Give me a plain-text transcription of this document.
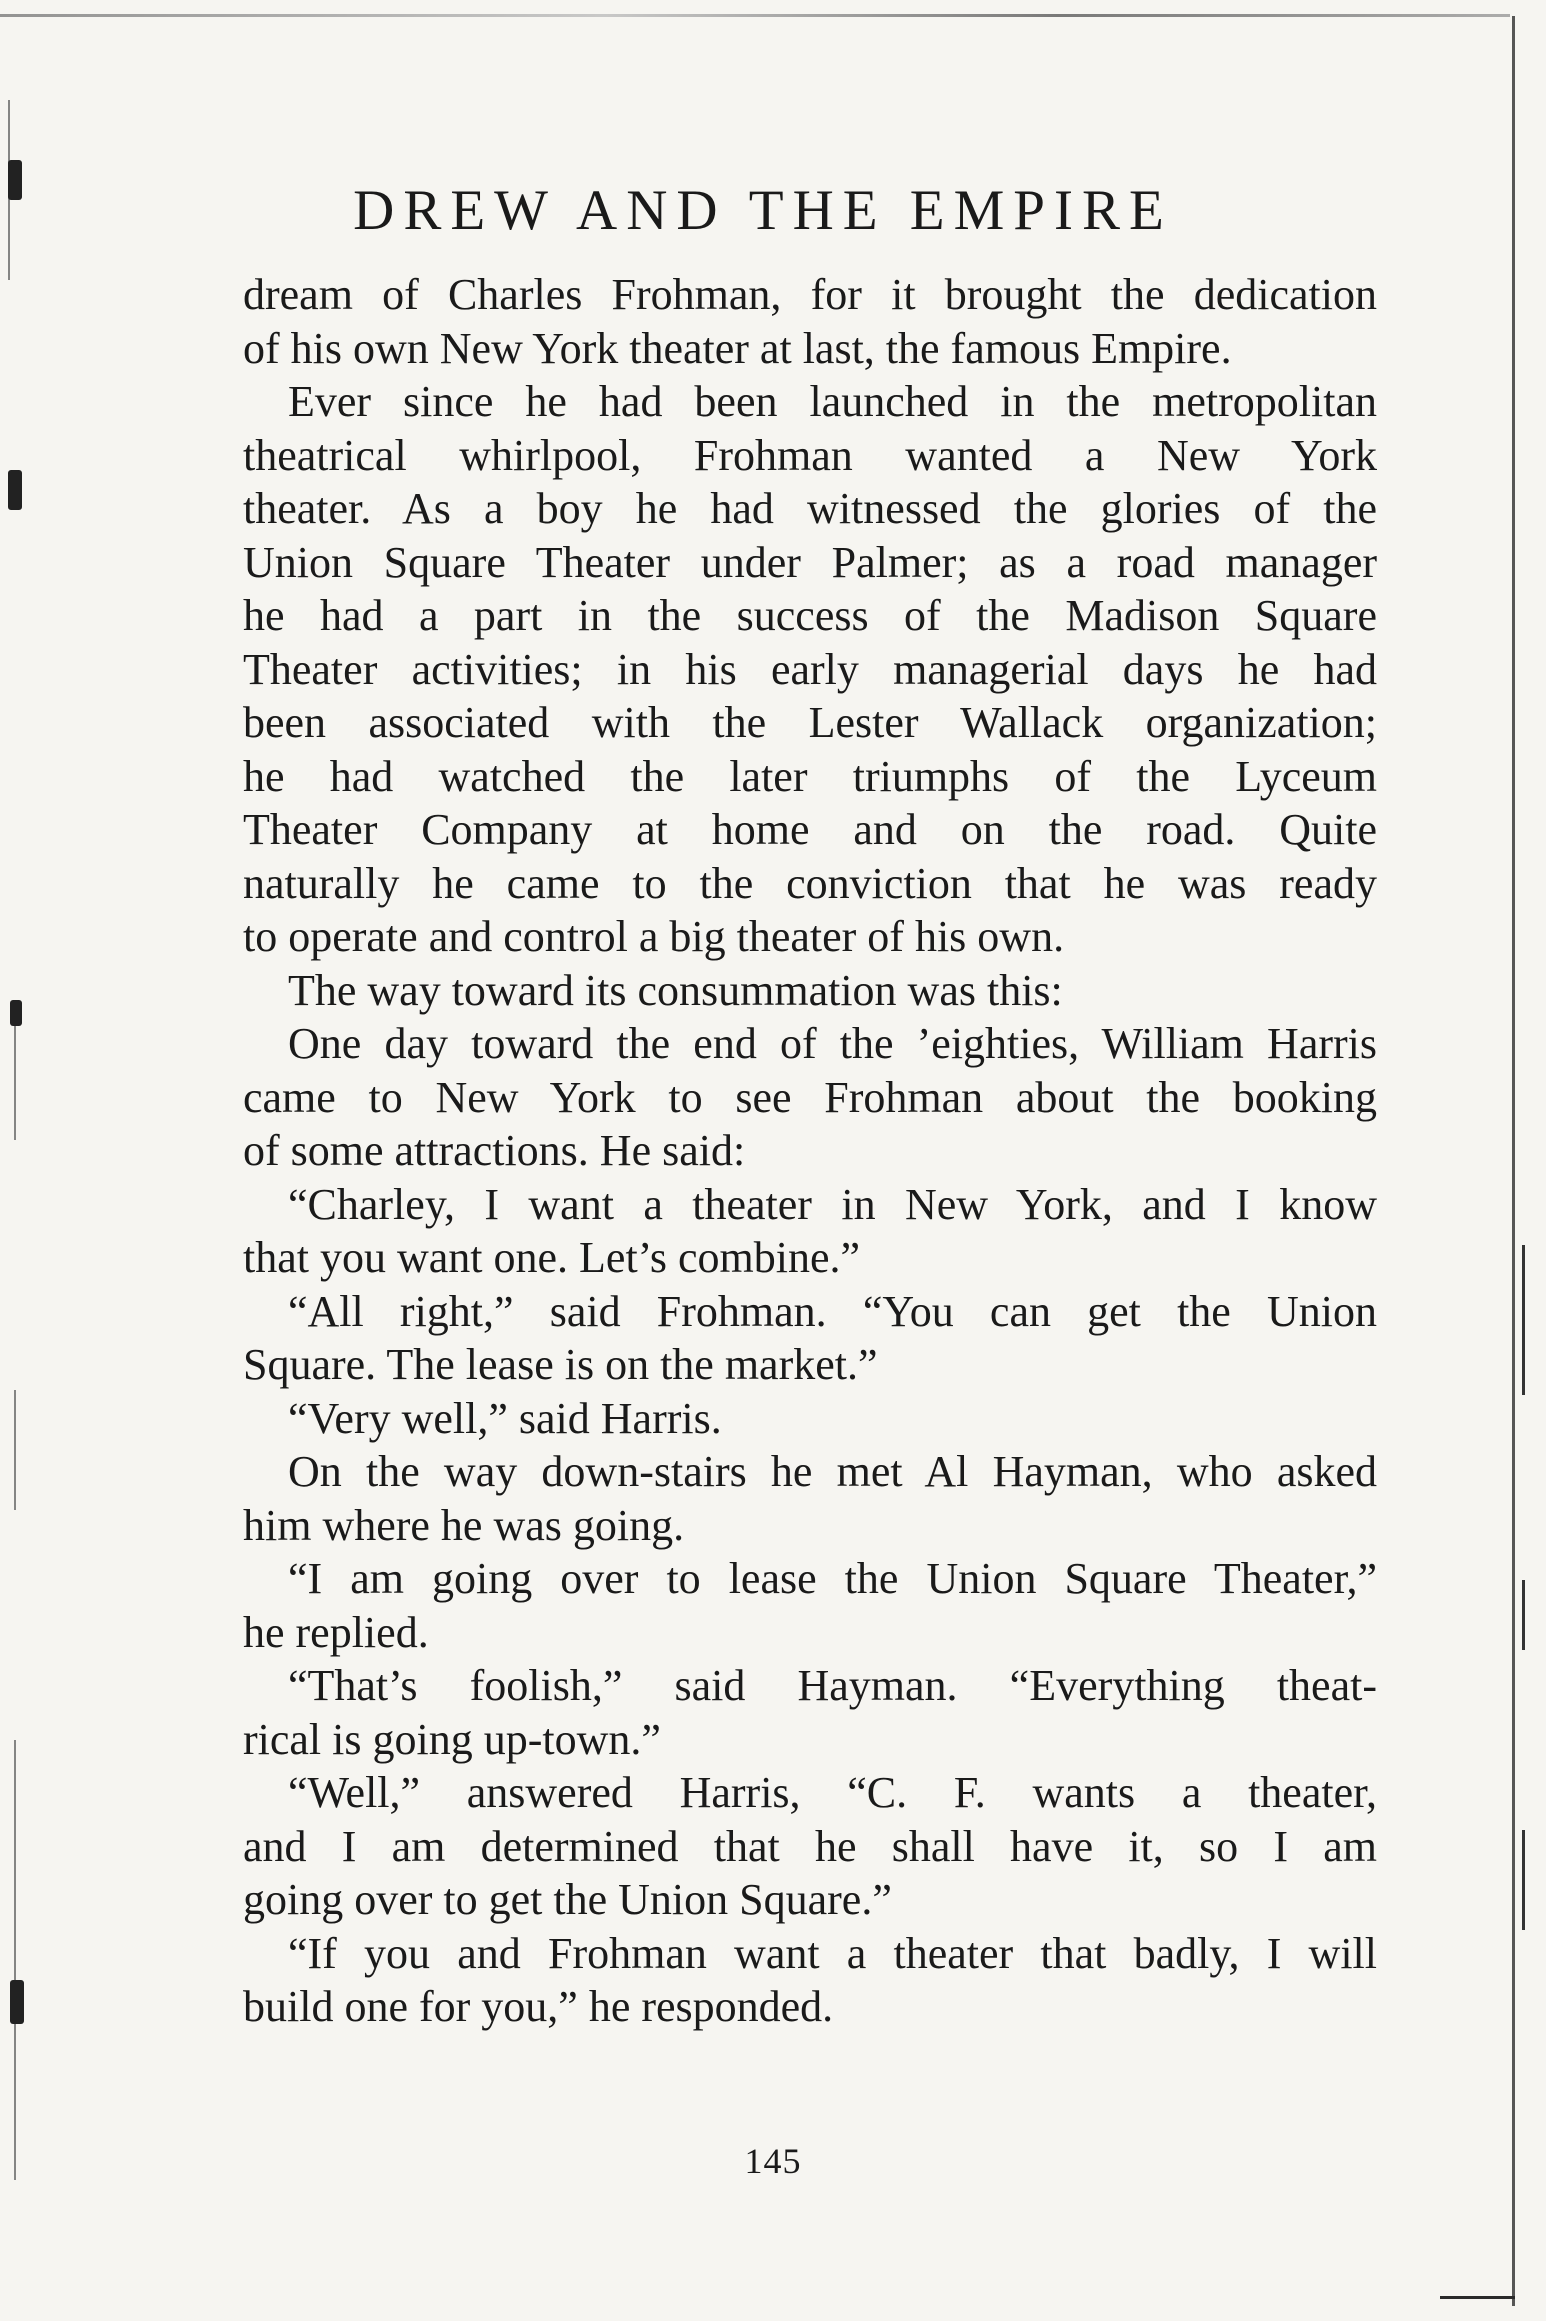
DREW AND THE EMPIRE
dream of Charles Frohman, for it brought the dedication
of his own New York theater at last, the famous Empire.
Ever since he had been launched in the metropolitan
theatrical whirlpool, Frohman wanted a New York
theater. As a boy he had witnessed the glories of the
Union Square Theater under Palmer; as a road manager
he had a part in the success of the Madison Square
Theater activities; in his early managerial days he had
been associated with the Lester Wallack organization;
he had watched the later triumphs of the Lyceum
Theater Company at home and on the road. Quite
naturally he came to the conviction that he was ready
to operate and control a big theater of his own.
The way toward its consummation was this:
One day toward the end of the ’eighties, William Harris
came to New York to see Frohman about the booking
of some attractions. He said:
“Charley, I want a theater in New York, and I know
that you want one. Let’s combine.”
“All right,” said Frohman. “You can get the Union
Square. The lease is on the market.”
“Very well,” said Harris.
On the way down-stairs he met Al Hayman, who asked
him where he was going.
“I am going over to lease the Union Square Theater,”
he replied.
“That’s foolish,” said Hayman. “Everything theat-
rical is going up-town.”
“Well,” answered Harris, “C. F. wants a theater,
and I am determined that he shall have it, so I am
going over to get the Union Square.”
“If you and Frohman want a theater that badly, I will
build one for you,” he responded.
145
